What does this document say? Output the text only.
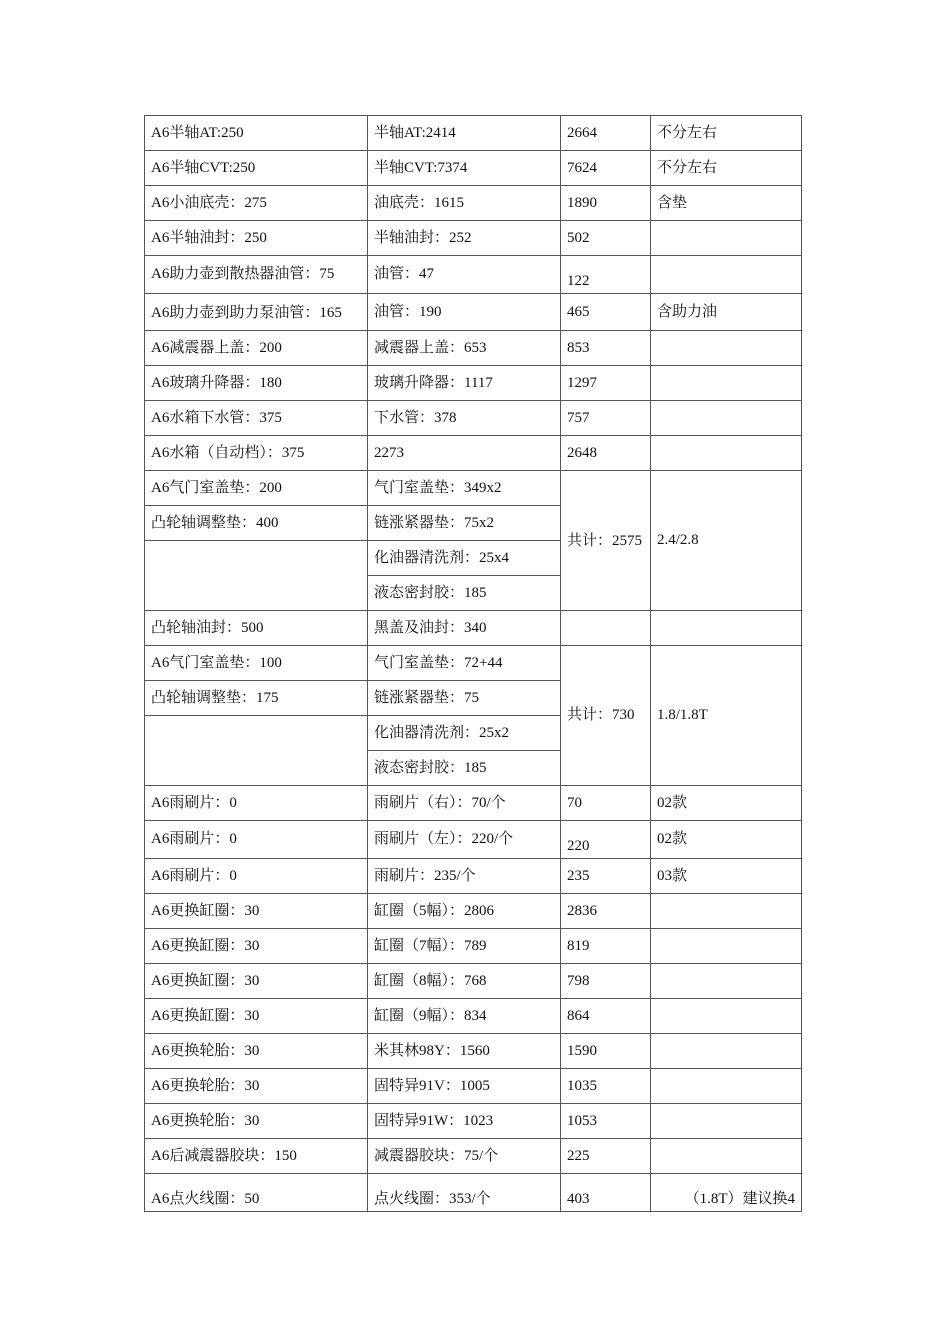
A6半轴AT:250	半轴AT:2414	2664	不分左右
A6半轴CVT:250	半轴CVT:7374	7624	不分左右
A6小油底壳：275	油底壳：1615	1890	含垫
A6半轴油封：250	半轴油封：252	502	
A6助力壶到散热器油管：75	油管：47	122	
A6助力壶到助力泵油管：165	油管：190	465	含助力油
A6减震器上盖：200	减震器上盖：653	853	
A6玻璃升降器：180	玻璃升降器：1117	1297	
A6水箱下水管：375	下水管：378	757	
A6水箱（自动档）：375	2273	2648	
A6气门室盖垫：200	气门室盖垫：349x2	共计：2575	2.4/2.8
凸轮轴调整垫：400	链涨紧器垫：75x2		
	化油器清洗剂：25x4		
	液态密封胶：185		
凸轮轴油封：500	黑盖及油封：340		
A6气门室盖垫：100	气门室盖垫：72+44	共计：730	1.8/1.8T
凸轮轴调整垫：175	链涨紧器垫：75		
	化油器清洗剂：25x2		
	液态密封胶：185		
A6雨刷片：0	雨刷片（右）：70/个	70	02款
A6雨刷片：0	雨刷片（左）：220/个	220	02款
A6雨刷片：0	雨刷片：235/个	235	03款
A6更换缸圈：30	缸圈（5幅）：2806	2836	
A6更换缸圈：30	缸圈（7幅）：789	819	
A6更换缸圈：30	缸圈（8幅）：768	798	
A6更换缸圈：30	缸圈（9幅）：834	864	
A6更换轮胎：30	米其林98Y：1560	1590	
A6更换轮胎：30	固特异91V：1005	1035	
A6更换轮胎：30	固特异91W：1023	1053	
A6后减震器胶块：150	减震器胶块：75/个	225	
A6点火线圈：50	点火线圈：353/个	403	（1.8T）建议换4
